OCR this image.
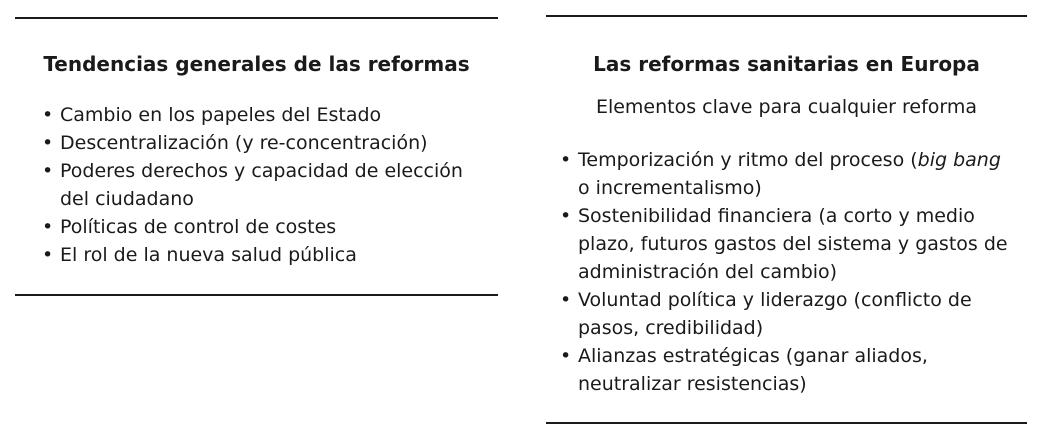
Tendencias generales de las reformas
• Cambio en los papeles del Estado
• Descentralización (y re-concentración)
• Poderes derechos y capacidad de elección del ciudadano
• Políticas de control de costes
• El rol de la nueva salud pública
Las reformas sanitarias en Europa
Elementos clave para cualquier reforma
• Temporización y ritmo del proceso (big bang o incrementalismo)
• Sostenibilidad financiera (a corto y medio plazo, futuros gastos del sistema y gastos de administración del cambio)
• Voluntad política y liderazgo (conflicto de pasos, credibilidad)
• Alianzas estratégicas (ganar aliados, neutralizar resistencias)
